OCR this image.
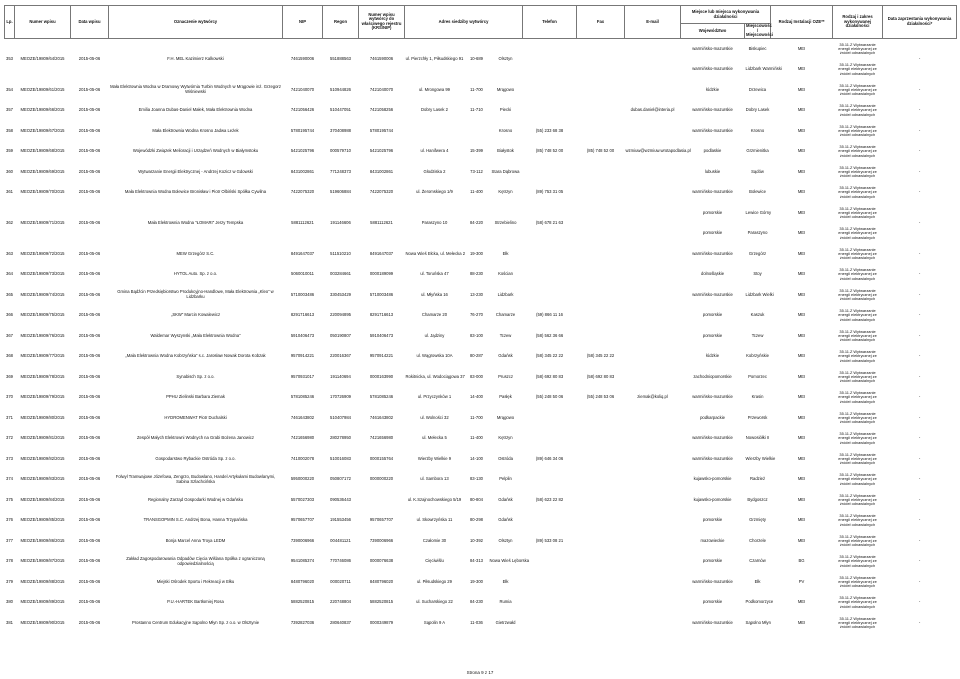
Lp.	Numer wpisu	Data wpisu	Oznaczenie wytwórcy	NIP	Regon	Numer wpisu wytwórcy do właściwego rejestru (KRS/NIP)	Adres siedziby wytwórcy			Telefon	Fax	E-mail	Miejsce lub miejsca wykonywania działalności		Rodzaj Instalacji OZE**	Rodzaj i zakres wykonywanej działalności	Data zaprzestania wykonywania działalności*
													Województwo	Miejscowość / Miejscowości			
353	MEOZE/19809/64/2015	2015-05-06	F.H. MEL Kazimierz Kalkowski	7461590006	551888563	7461590006	ul. Pierzchły 1, Piłsudskiego 91	10-689	Olsztyn				warmińsko-mazurskie	Biskupiec	MEI	35.11.Z Wytwarzanie energii elektrycznej ze źródeł odnawialnych	-
													warmińsko-mazurskie	Lidzbark Warmiński	MEI	35.11.Z Wytwarzanie energii elektrycznej ze źródeł odnawialnych	
354	MEOZE/19809/61/2015	2015-05-06	Mała Elektrownia Wodna w Dramowy Wytwórnia Turbin Wodnych w Mrągowie inż. Grzegorz Wiśniewski	7421040070	510944826	7421040070	ul. Mrongowa 99	11-700	Mrągowo				łódzkie	Drzewica	MEI	35.11.Z Wytwarzanie energii elektrycznej ze źródeł odnawialnych	-
357	MEOZE/19809/66/2015	2015-05-06	Emilia Joanna Dubas-Daniel Małek, Mała Elektrownia Wodna	7421056426	510447051	7421058256	Dobry Lasek 2	11-710	Piecki			dubas.daniel@interia.pl	warmińsko-mazurskie	Dobry Lasek	MEI	35.11.Z Wytwarzanie energii elektrycznej ze źródeł odnawialnych	-
358	MEOZE/19809/67/2015	2015-05-06	Mała Elektrownia Wodna Krosno Jadwa Leżek	5780195744	370408988	5780195744			Krosno	(55) 233 68 38			warmińsko-mazurskie	Krosno	MEI	35.11.Z Wytwarzanie energii elektrycznej ze źródeł odnawialnych	-
359	MEOZE/19809/68/2015	2015-05-06	Wojewódzki Związek Melioracji i Urządzeń Wodnych w Białymstoku	5421025796	000579710	5421025796	ul. Hanifwera 4	15-399	Białystok	(85) 748 52 00	(85) 748 52 00	wzmiuw@wzmiuw.wrotapodlasia.pl	podlaskie	Grzmienitka	MEI	35.11.Z Wytwarzanie energii elektrycznej ze źródeł odnawialnych	-
360	MEOZE/19809/69/2015	2015-05-06	Wytwarzanie Energii Elektrycznej - Andrzej Kozicz w Gdowski	8431002861	771248373	8431002861	Głodziska 2	73-112	Stara Dąbrowa				lubuskie	Sądów	MEI	35.11.Z Wytwarzanie energii elektrycznej ze źródeł odnawialnych	-
361	MEOZE/19809/70/2015	2015-05-06	Mała Elektrownia Wodna Bolewice Bronisław i Piotr Olbiński Spółka Cywilna	7422075320	519606884	7422075320	ul. Żeromskiego 1/9	11-400	Kętrzyn	(89) 753 31 05			warmińsko-mazurskie	Bolewice	MEI	35.11.Z Wytwarzanie energii elektrycznej ze źródeł odnawialnych	-
362	MEOZE/19809/71/2015	2015-05-06	Mała Elektrownia Wodna "ŁOMARI" Jerzy Tempska	5881112621	191146606	5881112621	Paraszyno 10	84-220	Strzebielino	(58) 678 21 63			pomorskie	Lewice Górny	MEI	35.11.Z Wytwarzanie energii elektrycznej ze źródeł odnawialnych	-
													pomorskie	Paraszyno	MEI	35.11.Z Wytwarzanie energii elektrycznej ze źródeł odnawialnych	
363	MEOZE/19809/72/2015	2015-05-06	MEW Grzegórz S.C.	8491647037	511510210	8491647037	Nowa Wieś Ełcka, ul. Mełecka 2	19-300	Ełk				warmińsko-mazurskie	Grzegórz	MEI	35.11.Z Wytwarzanie energii elektrycznej ze źródeł odnawialnych	-
364	MEOZE/19809/73/2015	2015-05-06	HYTOL Auto. Sp. z o.o.	5060010011	003284661	0000189099	ul. Toruńska 47	88-230	Kościan				dolnośląskie	Stoy	MEI	35.11.Z Wytwarzanie energii elektrycznej ze źródeł odnawialnych	-
365	MEOZE/19809/74/2015	2015-05-06	Gmina Bądźcin Przedsiębiorstwo Produkcyjno-Handlowe, Mała Elektrownia „Kleo” w Lidzbarku	5710003486	330453429	5710003486	ul. Młyńska 16	13-230	Lidzbark				warmińsko-mazurskie	Lidzbark Wielki	MEI	35.11.Z Wytwarzanie energii elektrycznej ze źródeł odnawialnych	-
366	MEOZE/19809/75/2015	2015-05-06	„SKW” Marcin Kowalewicz	8291716613	220094895	8291716613	Chamarze 20	76-270	Chamarze	(59) 866 11 16			pomorskie	Kaszuk	MEI	35.11.Z Wytwarzanie energii elektrycznej ze źródeł odnawialnych	-
367	MEOZE/19809/76/2015	2015-05-06	Waldemar Wyszynski „Mała Elektrownia Wodna”	5910406473	050190807	5910406473	ul. Jądziny	83-100	Tczew	(58) 562 36 66			pomorskie	Tczew	MEI	35.11.Z Wytwarzanie energii elektrycznej ze źródeł odnawialnych	-
368	MEOZE/19809/77/2015	2015-05-06	„Mała Elektrownia Wodna Kobrzyńska” s.c. Jarosław Nowak Dorota Kobzak	9570914221	220016367	9570914221	ul. Wągrowska 10A	80-287	Gdańsk	(58) 345 22 22	(58) 345 22 22		łódzkie	Kobrzyńskie	MEI	35.11.Z Wytwarzanie energii elektrycznej ze źródeł odnawialnych	-
369	MEOZE/19809/78/2015	2015-05-06	Synabisch Sp. z o.o.	9570931017	191140694	0000163990	Rokitnicka, ul. Wodociągowa 37	83-000	Pruszcz	(58) 692 80 83	(58) 692 80 83		zachodniopomorskie	Pomorzec	MEI	35.11.Z Wytwarzanie energii elektrycznej ze źródeł odnawialnych	-
370	MEOZE/19809/79/2015	2015-05-06	PPHU Zielinski Barbara Ziemak	5781085246	170726909	5781085246	ul. Przyczynków 1	14-400	Pasłęk	(55) 248 50 06	(55) 248 53 06	ziemak@koliq.pl	warmińsko-mazurskie	Krasin	MEI	35.11.Z Wytwarzanie energii elektrycznej ze źródeł odnawialnych	-
371	MEOZE/19809/80/2015	2015-05-06	HYDROMENWAT Piotr Duchalski	7461643802	510407984	7461643802	ul. Wolności 32	11-700	Mrągowo				podkarpackie	Przeworsk	MEI	35.11.Z Wytwarzanie energii elektrycznej ze źródeł odnawialnych	-
372	MEOZE/19809/81/2015	2015-05-06	Zespół Małych Elektrowni Wodnych na Grabi Bożena Janowicz	7421656980	280278950	7421656980	ul. Mełecka 5	11-400	Kętrzyn				warmińsko-mazurskie	Nowosiółki II	MEI	35.11.Z Wytwarzanie energii elektrycznej ze źródeł odnawialnych	-
373	MEOZE/19809/82/2015	2015-05-06	Gospodarstwo Rybackie Ostróda Sp. z o.o.	7410002078	510016083	0000155764	Wierzby Wielkie 9	14-100	Ostróda	(89) 646 34 06			warmińsko-mazurskie	Wierzby Wielkie	MEI	35.11.Z Wytwarzanie energii elektrycznej ze źródeł odnawialnych	-
374	MEOZE/19809/83/2015	2015-05-06	Folwyl Tramwajowe Józefowa, Zengrzo, Budowlano, Handel Artykułami Budowlanymi, Sabina Szlachcińska	5950000220	050807172	0000000220	ul. Sambora 13	83-130	Pelplin				kujawsko-pomorskie	Radzież	MEI	35.11.Z Wytwarzanie energii elektrycznej ze źródeł odnawialnych	-
375	MEOZE/19809/84/2015	2015-05-06	Regionalny Zarząd Gospodarki Wodnej w Gdańsku	5570027303	090536443		ul. K.Szajnochowskiego 5/19	80-804	Gdańsk	(58) 623 22 82			kujawsko-pomorskie	Bydgoszcz	MEI	35.11.Z Wytwarzanie energii elektrycznej ze źródeł odnawialnych	-
376	MEOZE/19809/85/2015	2015-05-06	TRANSGOPMIN S.C. Andrzej Bona, Hanna Trzypańska	9570657707	191553456	9570657707	ul. Skowrzyńska 11	80-298	Gdańsk				pomorskie	Grzmięty	MEI	35.11.Z Wytwarzanie energii elektrycznej ze źródeł odnawialnych	-
377	MEOZE/19809/86/2015	2015-05-06	Bonja Marcel Anna Troya LEDM	7390006966	004481121	7390006966	Czałomie 30	10-392	Olsztyn	(89) 533 08 21			mazowieckie	Chorzele	MEI	35.11.Z Wytwarzanie energii elektrycznej ze źródeł odnawialnych	-
378	MEOZE/19809/87/2015	2015-05-06	Zakład Zagospodarowania Odpadów Cięcia Wiślana Spółka z ograniczoną odpowiedzialnością	9541085374	770746086	0000076638	Cięciwiślu	84-313	Nowa Wieś Lęborska				pomorskie	Czarnów	BG	35.11.Z Wytwarzanie energii elektrycznej ze źródeł odnawialnych	-
379	MEOZE/19809/88/2015	2015-05-06	Miejski Ośrodek Sportu i Rekreacji w Ełku	8480796020	000020711	8480796020	ul. Piłsudskiego 29	19-300	Ełk				warmińsko-mazurskie	Ełk	PV	35.11.Z Wytwarzanie energii elektrycznej ze źródeł odnawialnych	-
380	MEOZE/19809/89/2015	2015-05-06	P.U.-HARTEK Bartłomiej Rosa	5882520815	220748804	5882520815	ul. Sucharskiego 22	84-230	Rumia				pomorskie	Podkomorzyce	MEI	35.11.Z Wytwarzanie energii elektrycznej ze źródeł odnawialnych	-
381	MEOZE/19809/90/2015	2015-05-06	Prostanno Centrum Edukacyjne Sąpolno Młyn Sp. z o.o. w Olsztynie	7392827036	280640837	0000349879	Sąpolin 9 A	11-036	Gietrzwałd				warmińsko-mazurskie	Sąpolno Młyn	MEI	35.11.Z Wytwarzanie energii elektrycznej ze źródeł odnawialnych	-
Strona 9 z 17
